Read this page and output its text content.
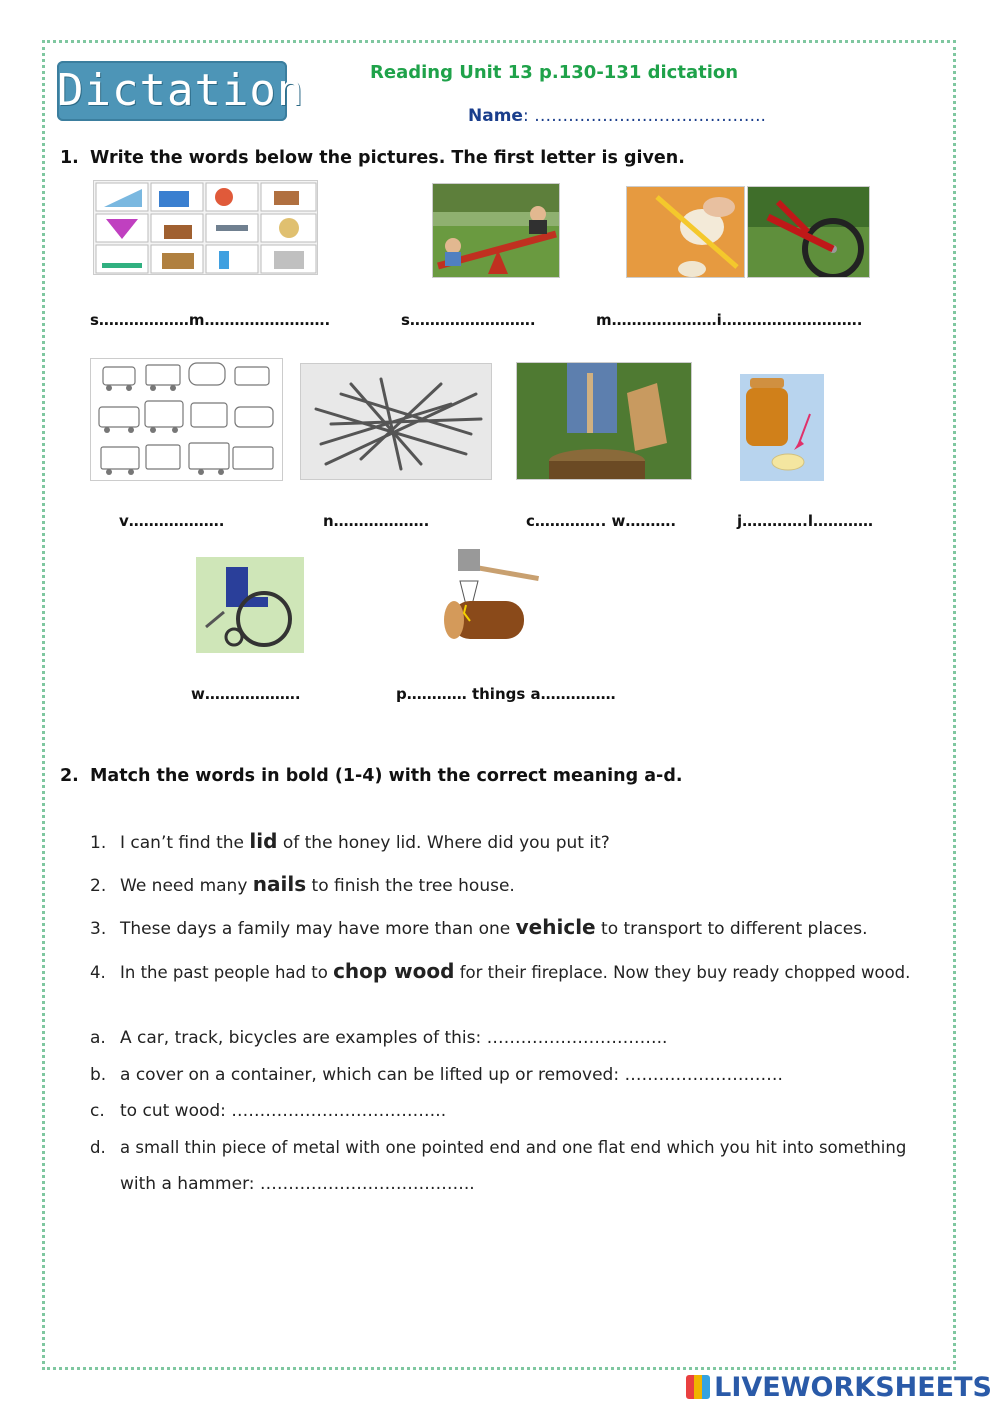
Dictation	Reading Unit 13 p.130-131 dictation
Name: …………………………………..
1. Write the words below the pictures. The first letter is given.
s………………m…………………….	s…………………….	m…………………i……………………….
v……………….	n……………….	c………….. w……….	j………….l…………
w……………….	p………… things a……………
2. Match the words in bold (1-4) with the correct meaning a-d.
1. I can’t find the lid of the honey lid. Where did you put it?
2. We need many nails to finish the tree house.
3. These days a family may have more than one vehicle to transport to different places.
4. In the past people had to chop wood for their fireplace. Now they buy ready chopped wood.
a. A car, track, bicycles are examples of this: …………………………..
b. a cover on a container, which can be lifted up or removed: ……………………….
c. to cut wood: ………………………………..
d. a small thin piece of metal with one pointed end and one flat end which you hit into something
with a hammer: ………………………………..
LIVEWORKSHEETS
